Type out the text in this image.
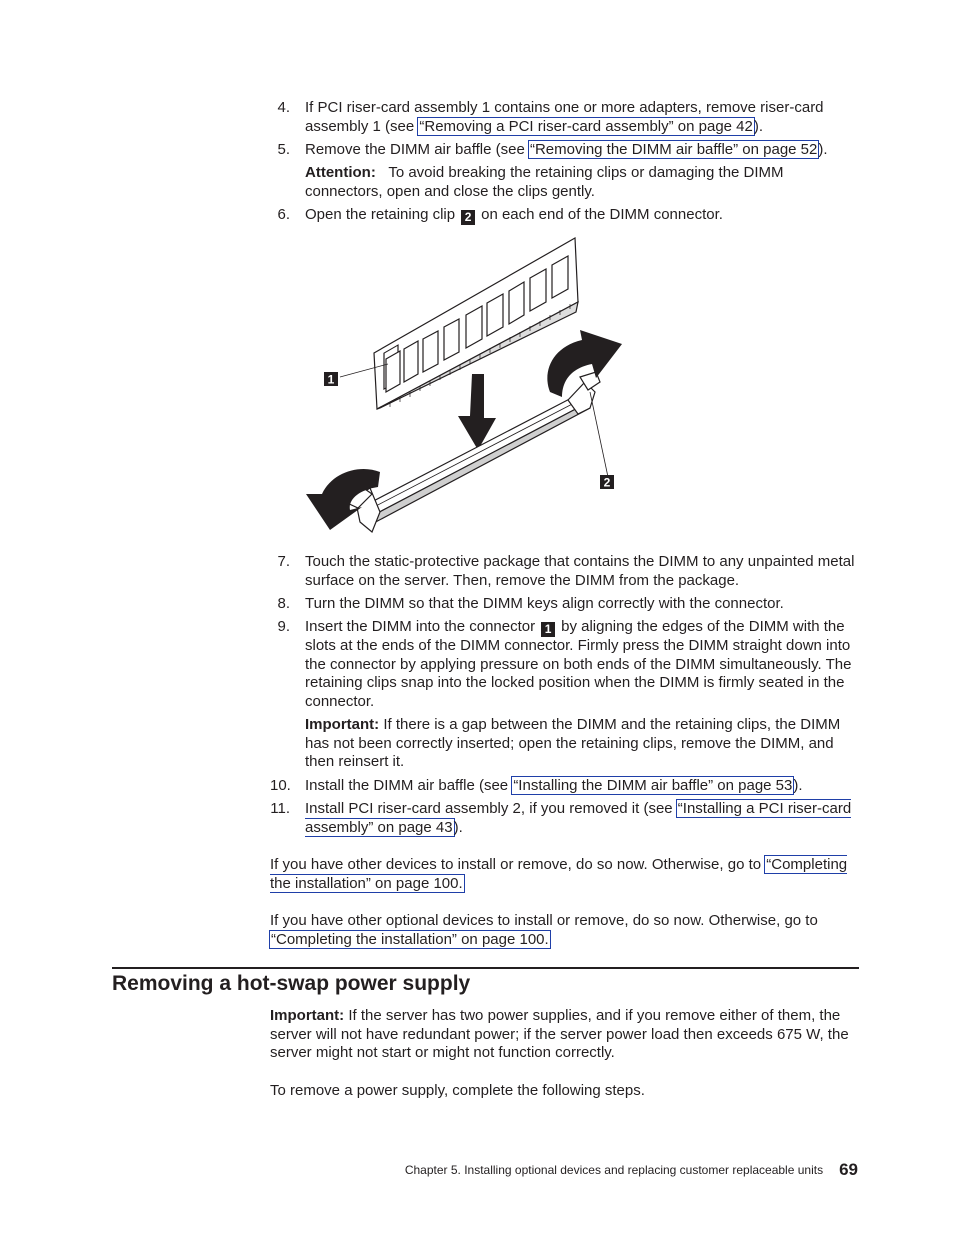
4. If PCI riser-card assembly 1 contains one or more adapters, remove riser-card assembly 1 (see “Removing a PCI riser-card assembly” on page 42).
5. Remove the DIMM air baffle (see “Removing the DIMM air baffle” on page 52).
Attention: To avoid breaking the retaining clips or damaging the DIMM connectors, open and close the clips gently.
6. Open the retaining clip 2 on each end of the DIMM connector.
1
2
7. Touch the static-protective package that contains the DIMM to any unpainted metal surface on the server. Then, remove the DIMM from the package.
8. Turn the DIMM so that the DIMM keys align correctly with the connector.
9. Insert the DIMM into the connector 1 by aligning the edges of the DIMM with the slots at the ends of the DIMM connector. Firmly press the DIMM straight down into the connector by applying pressure on both ends of the DIMM simultaneously. The retaining clips snap into the locked position when the DIMM is firmly seated in the connector.
Important: If there is a gap between the DIMM and the retaining clips, the DIMM has not been correctly inserted; open the retaining clips, remove the DIMM, and then reinsert it.
10. Install the DIMM air baffle (see “Installing the DIMM air baffle” on page 53).
11. Install PCI riser-card assembly 2, if you removed it (see “Installing a PCI riser-card assembly” on page 43).
If you have other devices to install or remove, do so now. Otherwise, go to “Completing the installation” on page 100.
If you have other optional devices to install or remove, do so now. Otherwise, go to “Completing the installation” on page 100.
Removing a hot-swap power supply
Important: If the server has two power supplies, and if you remove either of them, the server will not have redundant power; if the server power load then exceeds 675 W, the server might not start or might not function correctly.
To remove a power supply, complete the following steps.
Chapter 5. Installing optional devices and replacing customer replaceable units 69
